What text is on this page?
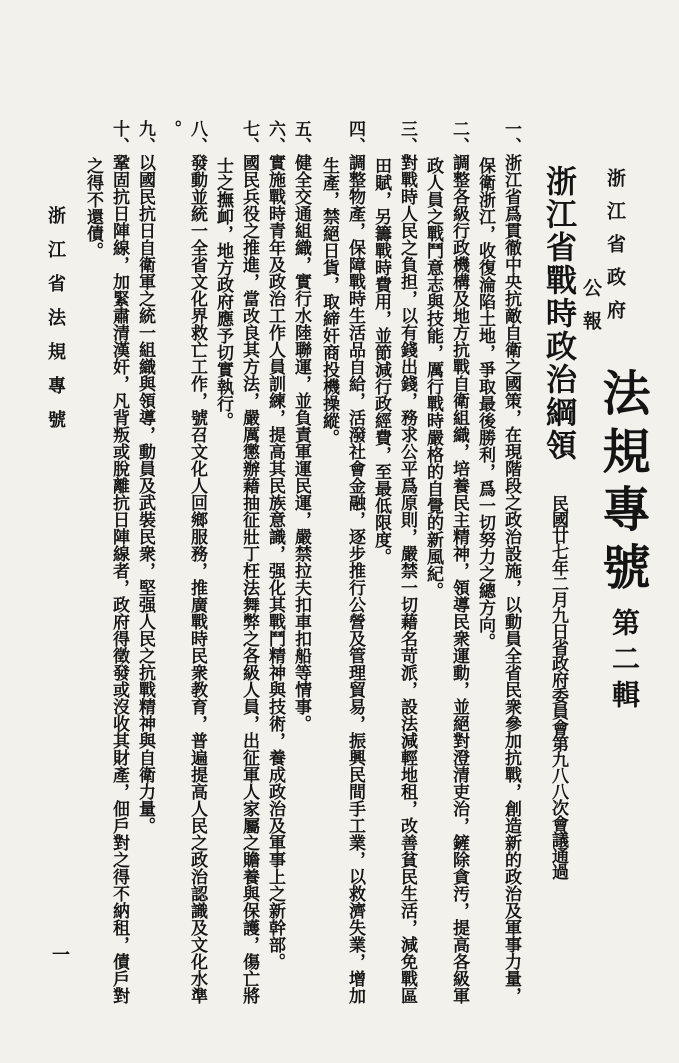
浙江省政府
公報
法規專號
第二輯
浙江省戰時政治綱領
民國廿七年二月九日省政府委員會第九八八次會議通過
一、浙江省爲貫徹中央抗敵自衛之國策，在現階段之政治設施，以動員全省民衆參加抗戰，創造新的政治及軍事力量，
保衛浙江，收復淪陷土地，爭取最後勝利，爲一切努力之總方向。
二、調整各級行政機構及地方抗戰自衛組織，培養民主精神，領導民衆運動，並絕對澄清吏治，鏟除貪汚，提高各級軍
政人員之戰鬥意志與技能，厲行戰時嚴格的自覺的新風紀。
三、對戰時人民之負担，以有錢出錢，務求公平爲原則，嚴禁一切藉名苛派，設法減輕地租，改善貧民生活，減免戰區
田賦，另籌戰時費用，並節減行政經費，至最低限度。
四、調整物產，保障戰時生活品自給，活潑社會金融，逐步推行公營及管理貿易，振興民間手工業，以救濟失業，增加
生產，禁絕日貨，取締奸商投機操縱。
五、健全交通組織，實行水陸聯運，並負責軍運民運，嚴禁拉夫扣車扣船等情事。
六、實施戰時青年及政治工作人員訓練，提高其民族意識，强化其戰鬥精神與技術，養成政治及軍事上之新幹部。
七、國民兵役之推進，當改良其方法，嚴厲懲辦藉抽征壯丁枉法舞弊之各級人員，出征軍人家屬之贍養與保護，傷亡將
士之撫卹，地方政府應予切實執行。
八、發動並統一全省文化界救亡工作，號召文化人回鄉服務，推廣戰時民衆教育，普遍提高人民之政治認識及文化水準
。
九、以國民抗日自衛軍之統一組織與領導，動員及武裝民衆，堅强人民之抗戰精神與自衛力量。
十、鞏固抗日陣線，加緊肅清漢奸，凡背叛或脫離抗日陣線者，政府得徵發或沒收其財產，佃戶對之得不納租，債戶對
之得不還債。
浙江省法規專號
一
